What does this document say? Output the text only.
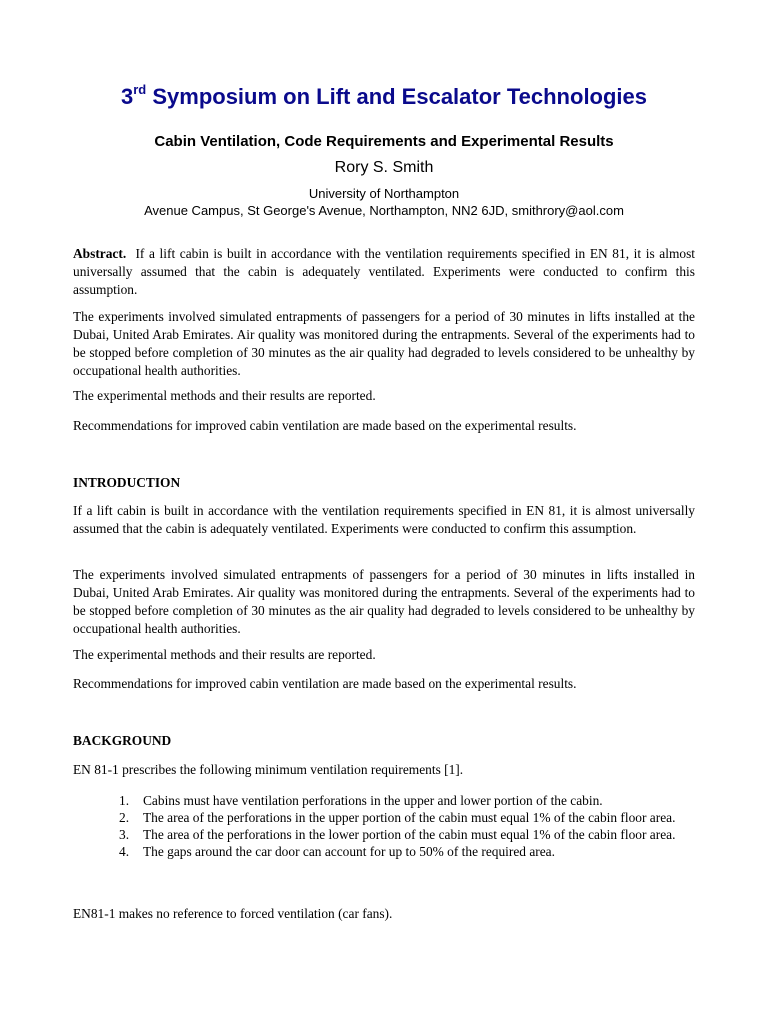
3rd Symposium on Lift and Escalator Technologies
Cabin Ventilation, Code Requirements and Experimental Results
Rory S. Smith
University of Northampton
Avenue Campus, St George's Avenue, Northampton, NN2 6JD, smithrory@aol.com

Abstract. If a lift cabin is built in accordance with the ventilation requirements specified in EN 81, it is almost universally assumed that the cabin is adequately ventilated. Experiments were conducted to confirm this assumption.

The experiments involved simulated entrapments of passengers for a period of 30 minutes in lifts installed at the Dubai, United Arab Emirates. Air quality was monitored during the entrapments. Several of the experiments had to be stopped before completion of 30 minutes as the air quality had degraded to levels considered to be unhealthy by occupational health authorities.
The experimental methods and their results are reported.
Recommendations for improved cabin ventilation are made based on the experimental results.
INTRODUCTION
If a lift cabin is built in accordance with the ventilation requirements specified in EN 81, it is almost universally assumed that the cabin is adequately ventilated. Experiments were conducted to confirm this assumption.
The experiments involved simulated entrapments of passengers for a period of 30 minutes in lifts installed in Dubai, United Arab Emirates. Air quality was monitored during the entrapments. Several of the experiments had to be stopped before completion of 30 minutes as the air quality had degraded to levels considered to be unhealthy by occupational health authorities.
The experimental methods and their results are reported.
Recommendations for improved cabin ventilation are made based on the experimental results.
BACKGROUND
EN 81-1 prescribes the following minimum ventilation requirements [1].
1. Cabins must have ventilation perforations in the upper and lower portion of the cabin.
2. The area of the perforations in the upper portion of the cabin must equal 1% of the cabin floor area.
3. The area of the perforations in the lower portion of the cabin must equal 1% of the cabin floor area.
4. The gaps around the car door can account for up to 50% of the required area.
EN81-1 makes no reference to forced ventilation (car fans).
